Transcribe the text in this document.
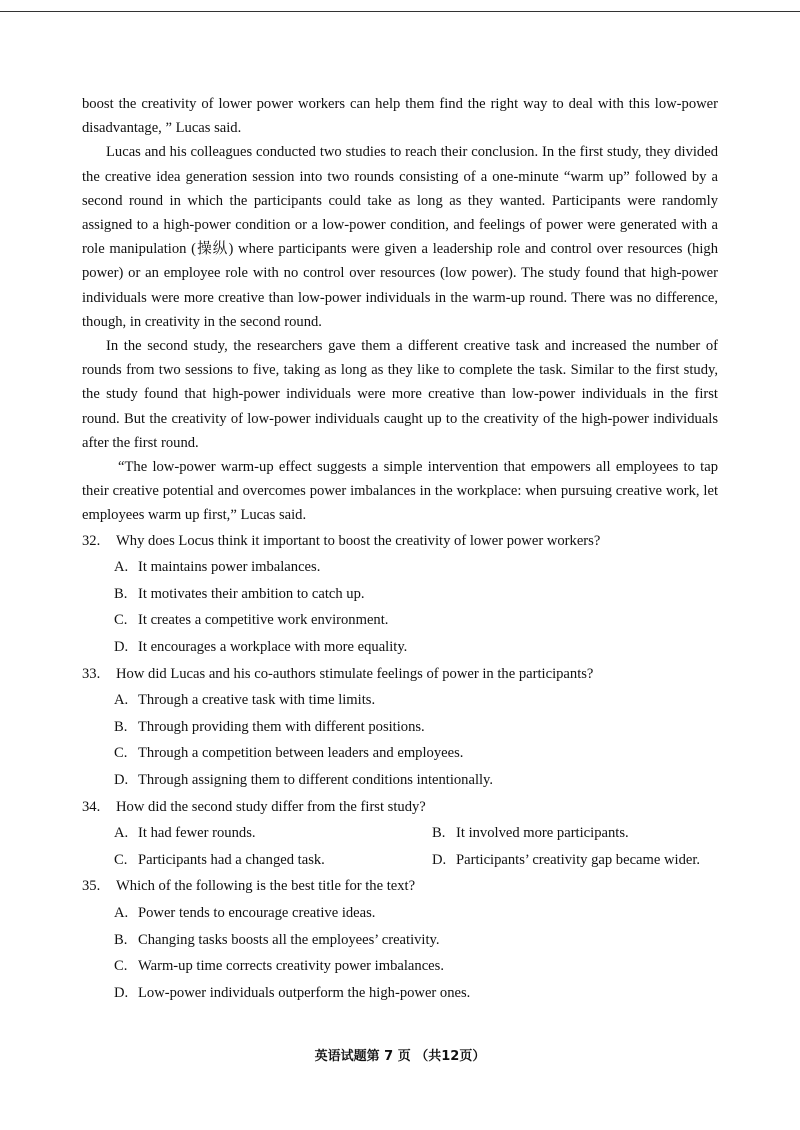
boost the creativity of lower power workers can help them find the right way to deal with this low-power disadvantage, ” Lucas said.

Lucas and his colleagues conducted two studies to reach their conclusion. In the first study, they divided the creative idea generation session into two rounds consisting of a one-minute “warm up” followed by a second round in which the participants could take as long as they wanted. Participants were randomly assigned to a high-power condition or a low-power condition, and feelings of power were generated with a role manipulation (操纵) where participants were given a leadership role and control over resources (high power) or an employee role with no control over resources (low power). The study found that high-power individuals were more creative than low-power individuals in the warm-up round. There was no difference, though, in creativity in the second round.

In the second study, the researchers gave them a different creative task and increased the number of rounds from two sessions to five, taking as long as they like to complete the task. Similar to the first study, the study found that high-power individuals were more creative than low-power individuals in the first round. But the creativity of low-power individuals caught up to the creativity of the high-power individuals after the first round.

“The low-power warm-up effect suggests a simple intervention that empowers all employees to tap their creative potential and overcomes power imbalances in the workplace: when pursuing creative work, let employees warm up first,” Lucas said.

32. Why does Locus think it important to boost the creativity of lower power workers?
A. It maintains power imbalances.
B. It motivates their ambition to catch up.
C. It creates a competitive work environment.
D. It encourages a workplace with more equality.
33. How did Lucas and his co-authors stimulate feelings of power in the participants?
A. Through a creative task with time limits.
B. Through providing them with different positions.
C. Through a competition between leaders and employees.
D. Through assigning them to different conditions intentionally.
34. How did the second study differ from the first study?
A. It had fewer rounds.	B. It involved more participants.
C. Participants had a changed task.	D. Participants’ creativity gap became wider.
35. Which of the following is the best title for the text?
A. Power tends to encourage creative ideas.
B. Changing tasks boosts all the employees’ creativity.
C. Warm-up time corrects creativity power imbalances.
D. Low-power individuals outperform the high-power ones.
英语试题第 7 页 （共12页）
